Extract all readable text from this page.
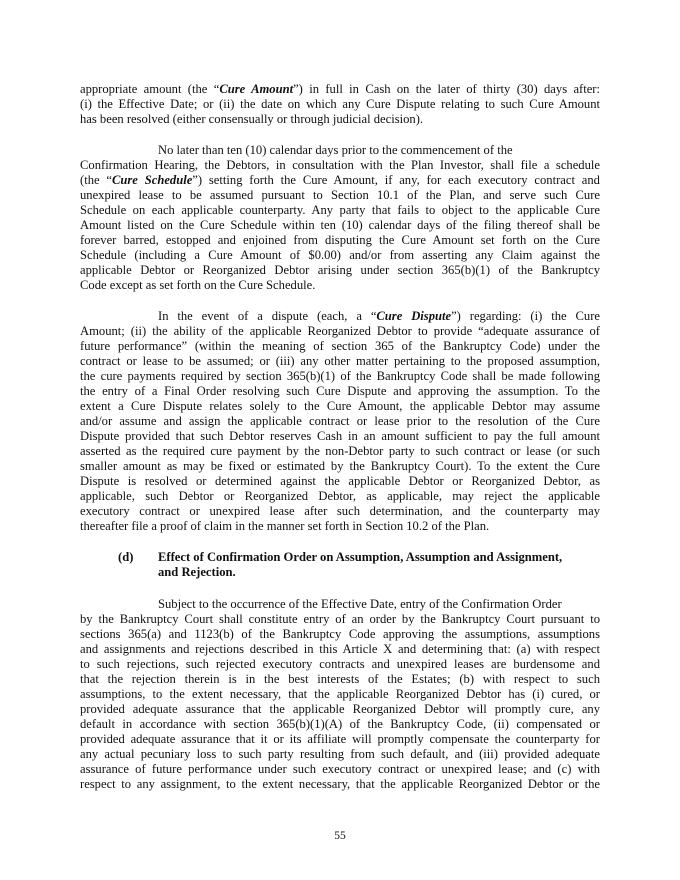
appropriate amount (the “Cure Amount”) in full in Cash on the later of thirty (30) days after:
(i) the Effective Date; or (ii) the date on which any Cure Dispute relating to such Cure Amount
has been resolved (either consensually or through judicial decision).
No later than ten (10) calendar days prior to the commencement of the
Confirmation Hearing, the Debtors, in consultation with the Plan Investor, shall file a schedule
(the “Cure Schedule”) setting forth the Cure Amount, if any, for each executory contract and
unexpired lease to be assumed pursuant to Section 10.1 of the Plan, and serve such Cure
Schedule on each applicable counterparty. Any party that fails to object to the applicable Cure
Amount listed on the Cure Schedule within ten (10) calendar days of the filing thereof shall be
forever barred, estopped and enjoined from disputing the Cure Amount set forth on the Cure
Schedule (including a Cure Amount of $0.00) and/or from asserting any Claim against the
applicable Debtor or Reorganized Debtor arising under section 365(b)(1) of the Bankruptcy
Code except as set forth on the Cure Schedule.
In the event of a dispute (each, a “Cure Dispute”) regarding: (i) the Cure
Amount; (ii) the ability of the applicable Reorganized Debtor to provide “adequate assurance of
future performance” (within the meaning of section 365 of the Bankruptcy Code) under the
contract or lease to be assumed; or (iii) any other matter pertaining to the proposed assumption,
the cure payments required by section 365(b)(1) of the Bankruptcy Code shall be made following
the entry of a Final Order resolving such Cure Dispute and approving the assumption. To the
extent a Cure Dispute relates solely to the Cure Amount, the applicable Debtor may assume
and/or assume and assign the applicable contract or lease prior to the resolution of the Cure
Dispute provided that such Debtor reserves Cash in an amount sufficient to pay the full amount
asserted as the required cure payment by the non-Debtor party to such contract or lease (or such
smaller amount as may be fixed or estimated by the Bankruptcy Court). To the extent the Cure
Dispute is resolved or determined against the applicable Debtor or Reorganized Debtor, as
applicable, such Debtor or Reorganized Debtor, as applicable, may reject the applicable
executory contract or unexpired lease after such determination, and the counterparty may
thereafter file a proof of claim in the manner set forth in Section 10.2 of the Plan.
(d) Effect of Confirmation Order on Assumption, Assumption and Assignment,
and Rejection.
Subject to the occurrence of the Effective Date, entry of the Confirmation Order
by the Bankruptcy Court shall constitute entry of an order by the Bankruptcy Court pursuant to
sections 365(a) and 1123(b) of the Bankruptcy Code approving the assumptions, assumptions
and assignments and rejections described in this Article X and determining that: (a) with respect
to such rejections, such rejected executory contracts and unexpired leases are burdensome and
that the rejection therein is in the best interests of the Estates; (b) with respect to such
assumptions, to the extent necessary, that the applicable Reorganized Debtor has (i) cured, or
provided adequate assurance that the applicable Reorganized Debtor will promptly cure, any
default in accordance with section 365(b)(1)(A) of the Bankruptcy Code, (ii) compensated or
provided adequate assurance that it or its affiliate will promptly compensate the counterparty for
any actual pecuniary loss to such party resulting from such default, and (iii) provided adequate
assurance of future performance under such executory contract or unexpired lease; and (c) with
respect to any assignment, to the extent necessary, that the applicable Reorganized Debtor or the
55
